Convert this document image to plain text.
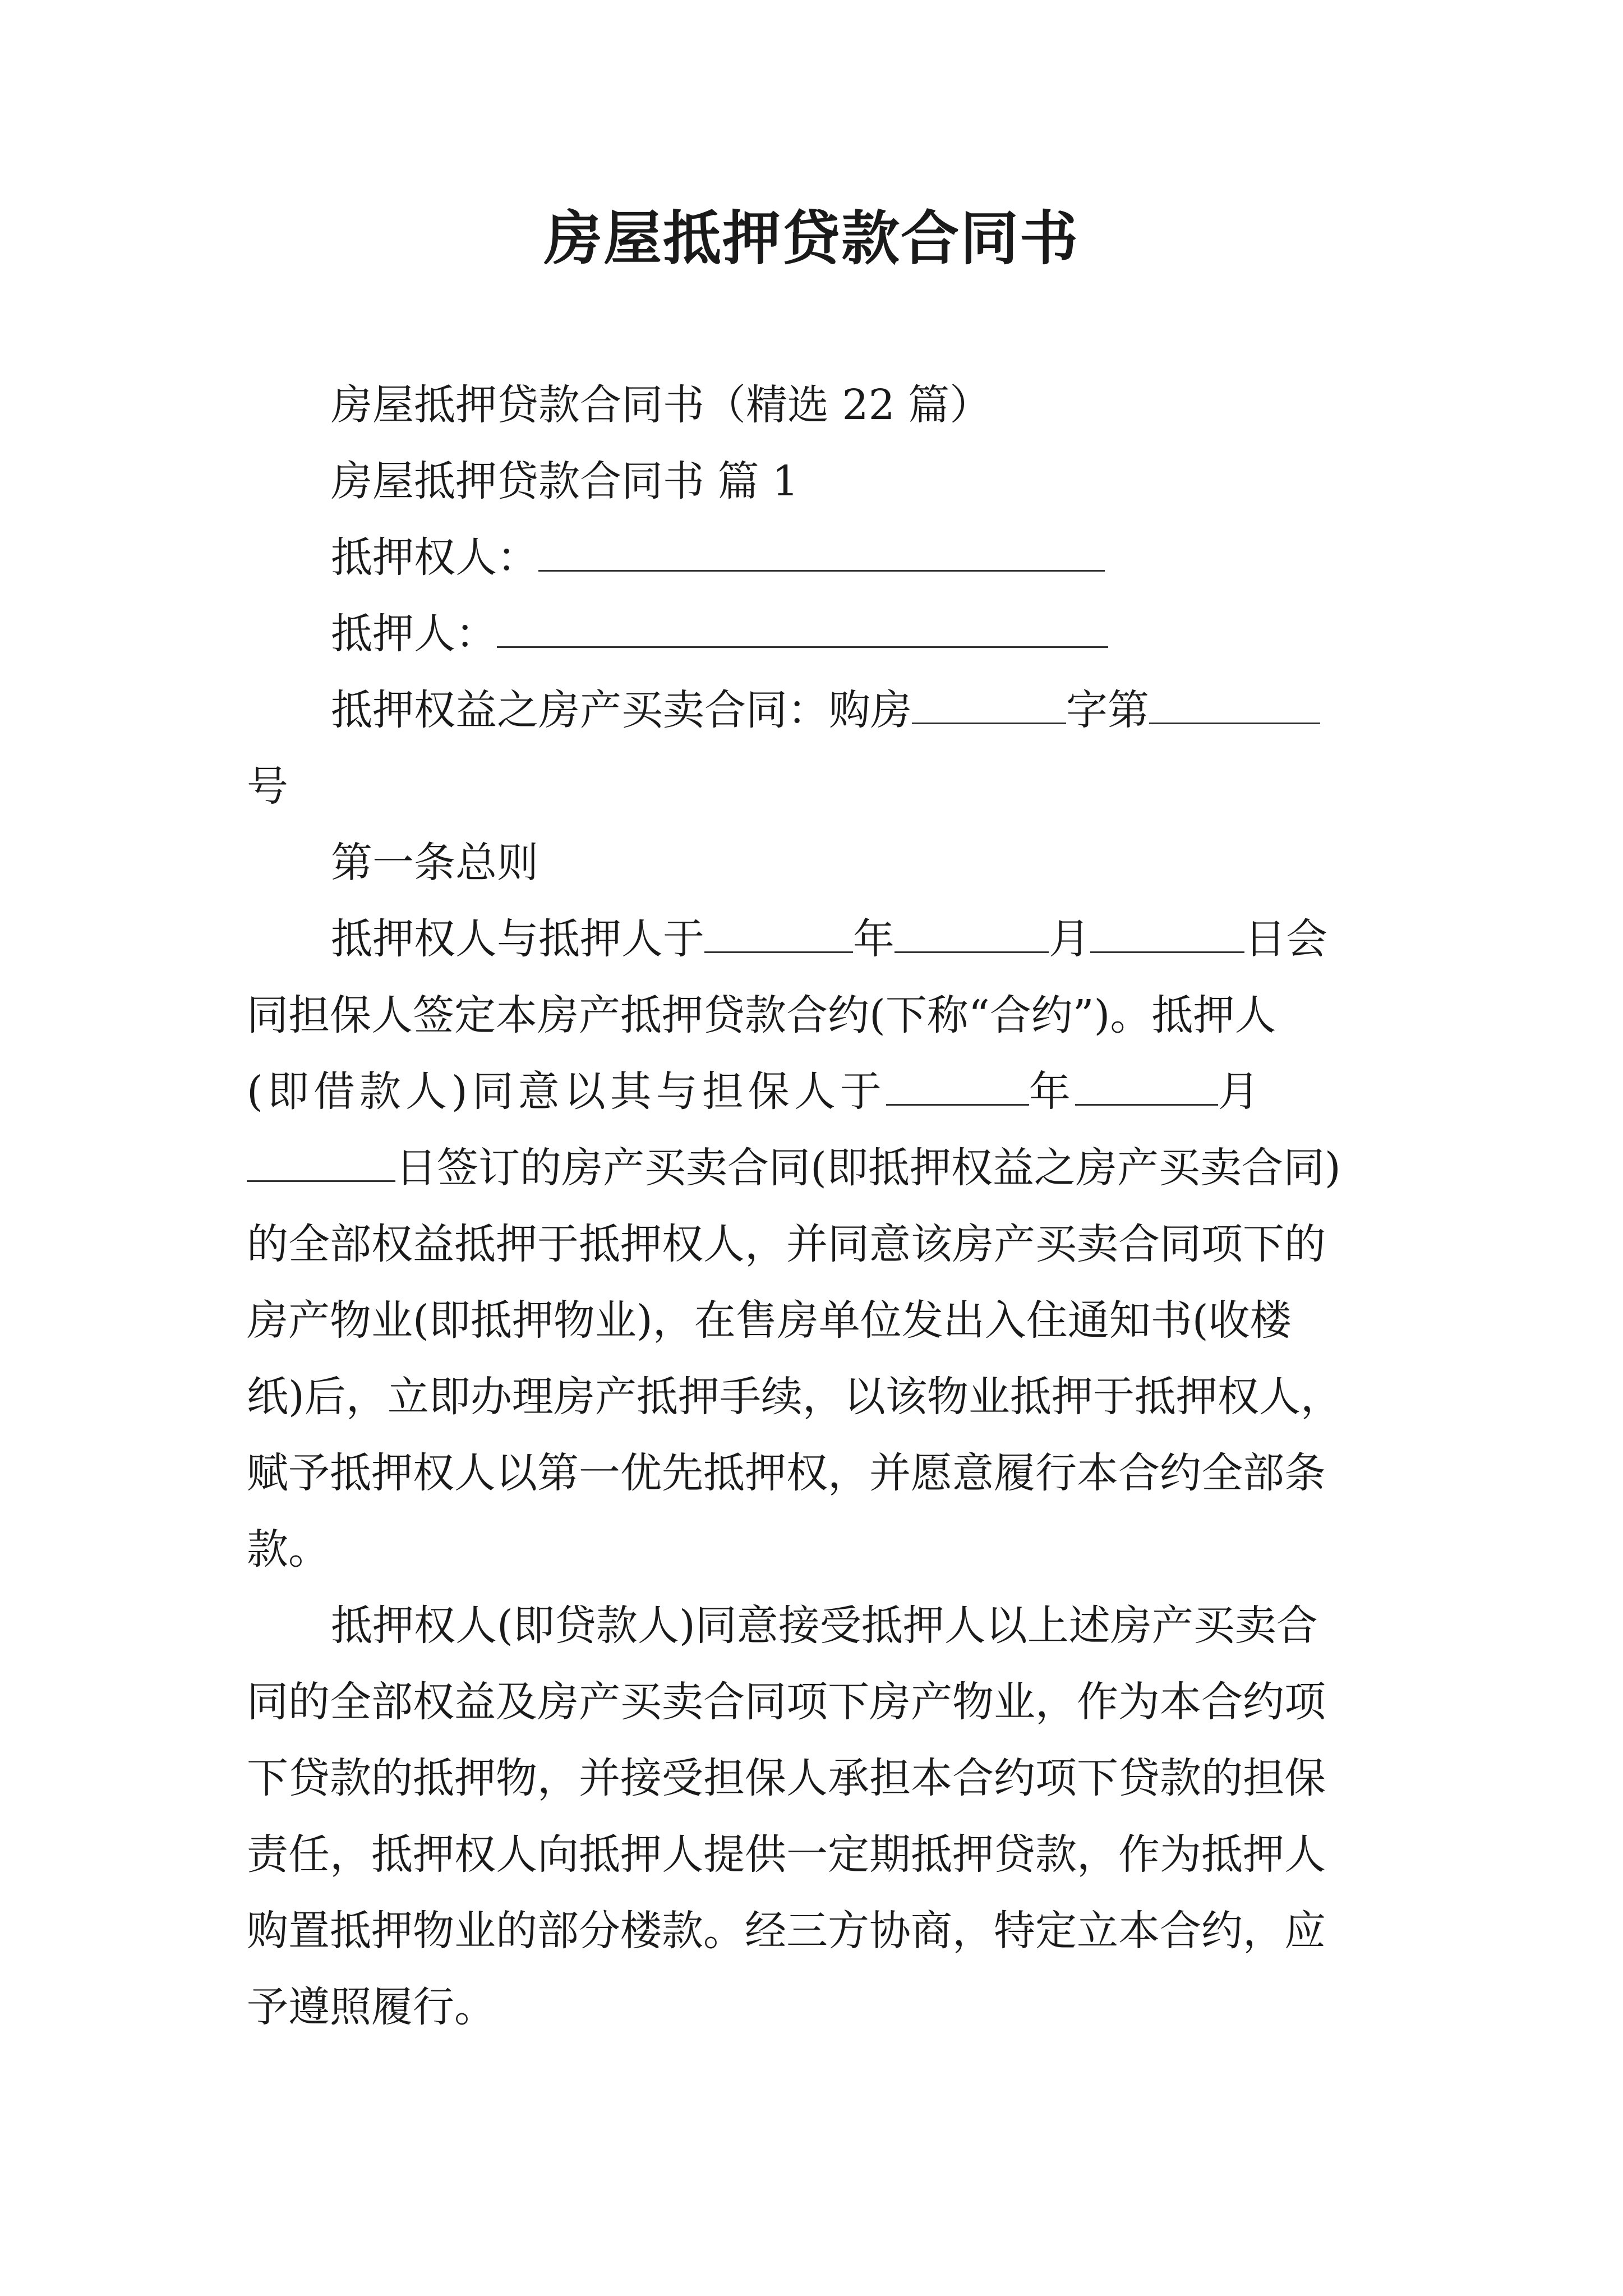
房屋抵押贷款合同书
房屋抵押贷款合同书（精选 22 篇）
房屋抵押贷款合同书 篇 1
抵押权人：
抵押人：
抵押权益之房产买卖合同：购房	字第
号
第一条总则
抵押权人与抵押人于	年	月	日会
同担保人签定本房产抵押贷款合约(下称“合约”)。抵押人
(即借款人)同意以其与担保人于	年	月
日签订的房产买卖合同(即抵押权益之房产买卖合同)
的全部权益抵押于抵押权人，并同意该房产买卖合同项下的
房产物业(即抵押物业)，在售房单位发出入住通知书(收楼
纸)后，立即办理房产抵押手续，以该物业抵押于抵押权人，
赋予抵押权人以第一优先抵押权，并愿意履行本合约全部条
款。
抵押权人(即贷款人)同意接受抵押人以上述房产买卖合
同的全部权益及房产买卖合同项下房产物业，作为本合约项
下贷款的抵押物，并接受担保人承担本合约项下贷款的担保
责任，抵押权人向抵押人提供一定期抵押贷款，作为抵押人
购置抵押物业的部分楼款。经三方协商，特定立本合约，应
予遵照履行。
